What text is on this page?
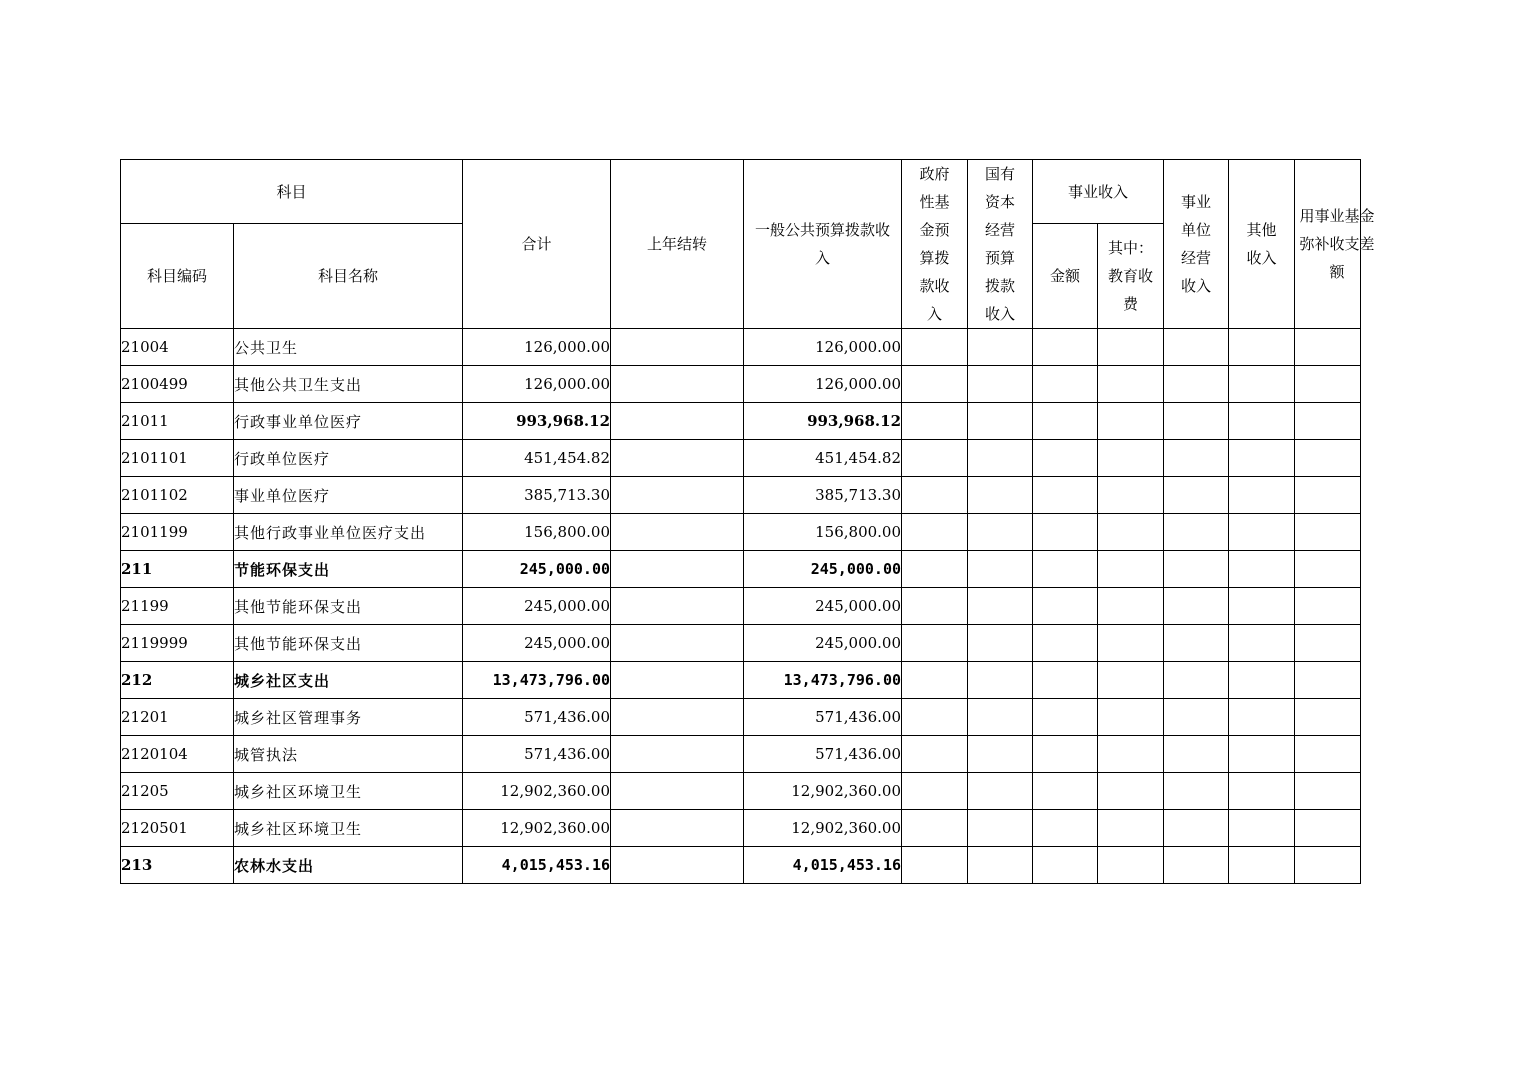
科目		合计	上年结转	一般公共预算拨款收入	政府性基金预算拨款收入	国有资本经营预算拨款收入	事业收入		事业单位经营收入	其他收入	用事业基金弥补收支差额
科目编码	科目名称						金额	其中：教育收费			
21004	公共卫生	126,000.00		126,000.00							
2100499	其他公共卫生支出	126,000.00		126,000.00							
21011	行政事业单位医疗	993,968.12		993,968.12							
2101101	行政单位医疗	451,454.82		451,454.82							
2101102	事业单位医疗	385,713.30		385,713.30							
2101199	其他行政事业单位医疗支出	156,800.00		156,800.00							
211	节能环保支出	245,000.00		245,000.00							
21199	其他节能环保支出	245,000.00		245,000.00							
2119999	其他节能环保支出	245,000.00		245,000.00							
212	城乡社区支出	13,473,796.00		13,473,796.00							
21201	城乡社区管理事务	571,436.00		571,436.00							
2120104	城管执法	571,436.00		571,436.00							
21205	城乡社区环境卫生	12,902,360.00		12,902,360.00							
2120501	城乡社区环境卫生	12,902,360.00		12,902,360.00							
213	农林水支出	4,015,453.16		4,015,453.16							
